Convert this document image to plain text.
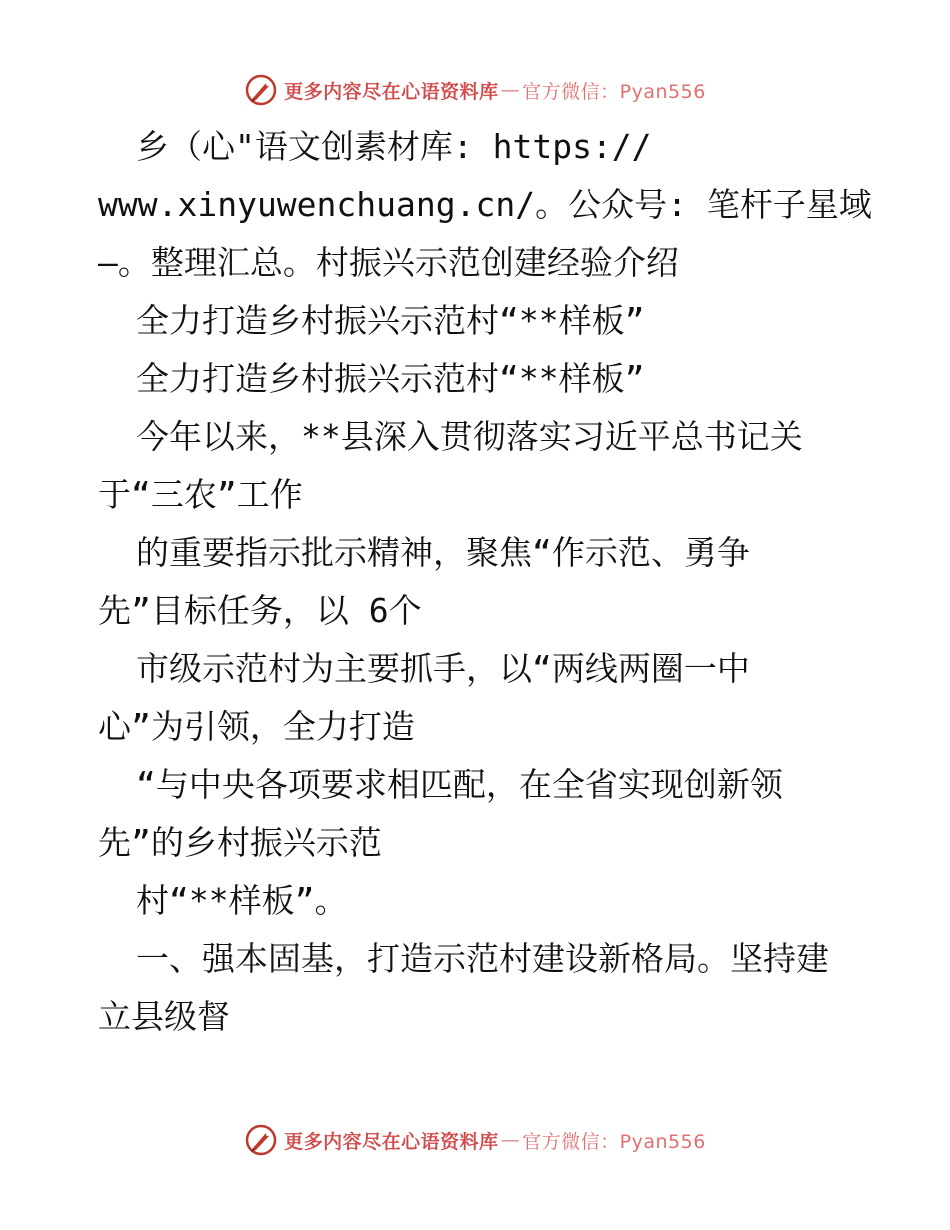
更多内容尽在心语资料库 — 官方微信：Pyan556
乡（心"语文创素材库: https://
www.xinyuwenchuang.cn/。公众号: 笔杆子星域
—。整理汇总。村振兴示范创建经验介绍
全力打造乡村振兴示范村“**样板”
全力打造乡村振兴示范村“**样板”
今年以来，**县深入贯彻落实习近平总书记关
于“三农”工作
的重要指示批示精神，聚焦“作示范、勇争
先”目标任务，以 6个
市级示范村为主要抓手，以“两线两圈一中
心”为引领，全力打造
“与中央各项要求相匹配，在全省实现创新领
先”的乡村振兴示范
村“**样板”。
一、强本固基，打造示范村建设新格局。坚持建
立县级督
更多内容尽在心语资料库 — 官方微信：Pyan556
